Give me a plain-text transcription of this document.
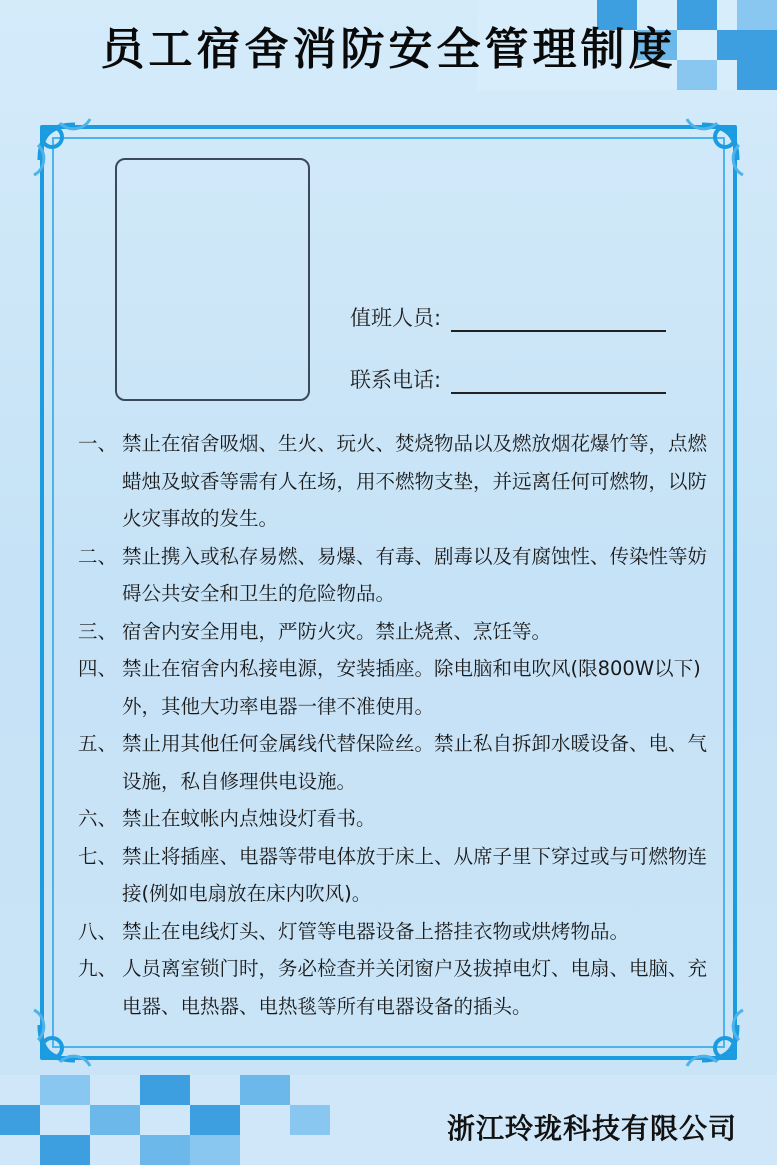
员工宿舍消防安全管理制度
值班人员:
联系电话:
一、 禁止在宿舍吸烟、生火、玩火、焚烧物品以及燃放烟花爆竹等，点燃蜡烛及蚊香等需有人在场，用不燃物支垫，并远离任何可燃物，以防火灾事故的发生。
二、 禁止携入或私存易燃、易爆、有毒、剧毒以及有腐蚀性、传染性等妨碍公共安全和卫生的危险物品。
三、 宿舍内安全用电，严防火灾。禁止烧煮、烹饪等。
四、 禁止在宿舍内私接电源，安装插座。除电脑和电吹风(限800W以下)外，其他大功率电器一律不准使用。
五、 禁止用其他任何金属线代替保险丝。禁止私自拆卸水暖设备、电、气设施，私自修理供电设施。
六、 禁止在蚊帐内点烛设灯看书。
七、 禁止将插座、电器等带电体放于床上、从席子里下穿过或与可燃物连接(例如电扇放在床内吹风)。
八、 禁止在电线灯头、灯管等电器设备上搭挂衣物或烘烤物品。
九、 人员离室锁门时，务必检查并关闭窗户及拔掉电灯、电扇、电脑、充电器、电热器、电热毯等所有电器设备的插头。
浙江玲珑科技有限公司
